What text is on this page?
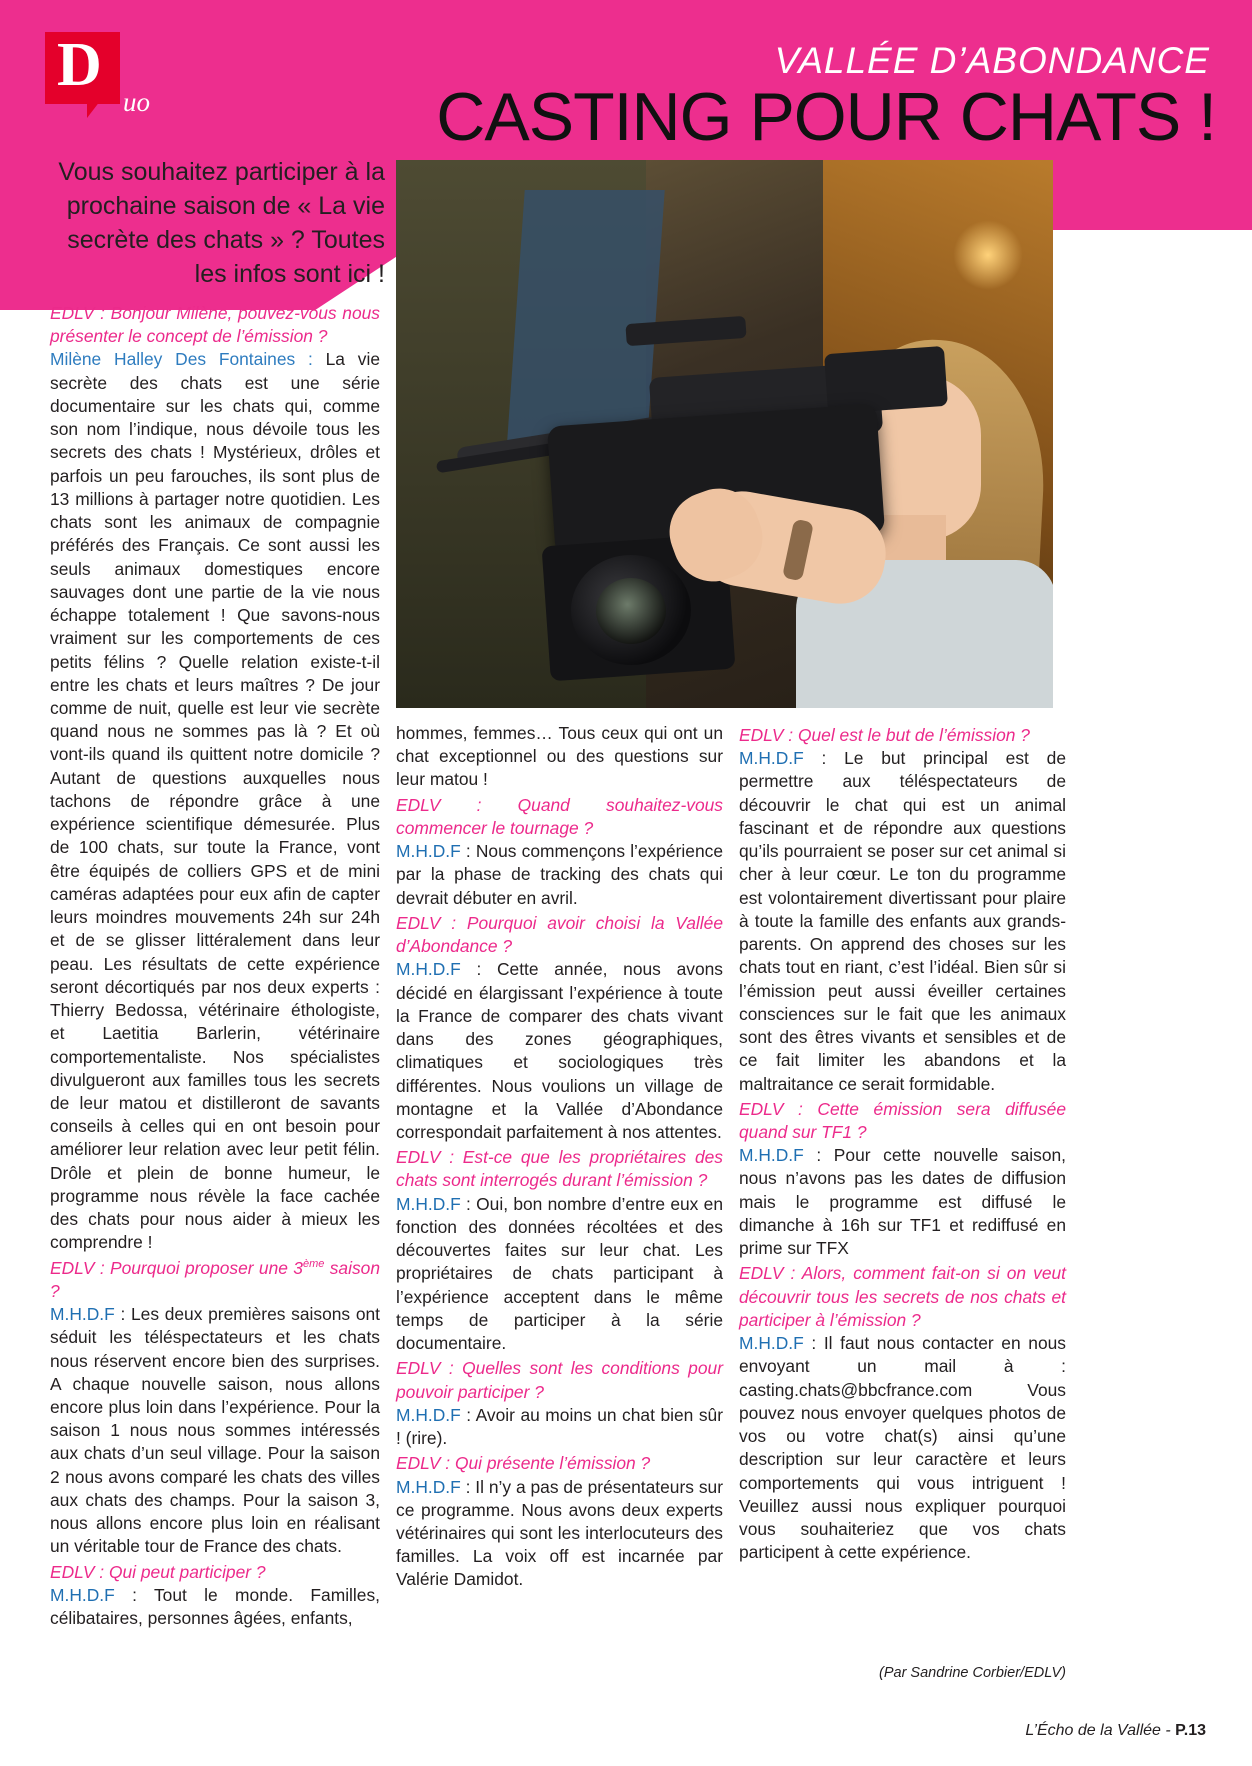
D
uo
VALLÉE D’ABONDANCE
CASTING POUR CHATS !
Vous souhaitez participer à la prochaine saison de « La vie secrète des chats » ? Toutes les infos sont ici !

EDLV : Bonjour Milène, pouvez-vous nous présenter le concept de l’émission ?

Milène Halley Des Fontaines : La vie secrète des chats est une série documentaire sur les chats qui, comme son nom l’indique, nous dévoile tous les secrets des chats ! Mystérieux, drôles et parfois un peu farouches, ils sont plus de 13 millions à partager notre quotidien. Les chats sont les animaux de compagnie préférés des Français. Ce sont aussi les seuls animaux domestiques encore sauvages dont une partie de la vie nous échappe totalement ! Que savons-nous vraiment sur les comportements de ces petits félins ? Quelle relation existe-t-il entre les chats et leurs maîtres ? De jour comme de nuit, quelle est leur vie secrète quand nous ne sommes pas là ? Et où vont-ils quand ils quittent notre domicile ? Autant de questions auxquelles nous tachons de répondre grâce à une expérience scientifique démesurée. Plus de 100 chats, sur toute la France, vont être équipés de colliers GPS et de mini caméras adaptées pour eux afin de capter leurs moindres mouvements 24h sur 24h et de se glisser littéralement dans leur peau. Les résultats de cette expérience seront décortiqués par nos deux experts : Thierry Bedossa, vétérinaire éthologiste, et Laetitia Barlerin, vétérinaire comportementaliste. Nos spécialistes divulgueront aux familles tous les secrets de leur matou et distilleront de savants conseils à celles qui en ont besoin pour améliorer leur relation avec leur petit félin. Drôle et plein de bonne humeur, le programme nous révèle la face cachée des chats pour nous aider à mieux les comprendre !

EDLV : Pourquoi proposer une 3ème saison ?

M.H.D.F : Les deux premières saisons ont séduit les téléspectateurs et les chats nous réservent encore bien des surprises. A chaque nouvelle saison, nous allons encore plus loin dans l’expérience. Pour la saison 1 nous nous sommes intéressés aux chats d’un seul village. Pour la saison 2 nous avons comparé les chats des villes aux chats des champs. Pour la saison 3, nous allons encore plus loin en réalisant un véritable tour de France des chats.

EDLV : Qui peut participer ?

M.H.D.F : Tout le monde. Familles, célibataires, personnes âgées, enfants,

hommes, femmes… Tous ceux qui ont un chat exceptionnel ou des questions sur leur matou !

EDLV : Quand souhaitez-vous commencer le tournage ?

M.H.D.F : Nous commençons l’expérience par la phase de tracking des chats qui devrait débuter en avril.

EDLV : Pourquoi avoir choisi la Vallée d’Abondance ?

M.H.D.F : Cette année, nous avons décidé en élargissant l’expérience à toute la France de comparer des chats vivant dans des zones géographiques, climatiques et sociologiques très différentes. Nous voulions un village de montagne et la Vallée d’Abondance correspondait parfaitement à nos attentes.

EDLV : Est-ce que les propriétaires des chats sont interrogés durant l’émission ?

M.H.D.F : Oui, bon nombre d’entre eux en fonction des données récoltées et des découvertes faites sur leur chat. Les propriétaires de chats participant à l’expérience acceptent dans le même temps de participer à la série documentaire.

EDLV : Quelles sont les conditions pour pouvoir participer ?

M.H.D.F : Avoir au moins un chat bien sûr ! (rire).

EDLV : Qui présente l’émission ?

M.H.D.F : Il n’y a pas de présentateurs sur ce programme. Nous avons deux experts vétérinaires qui sont les interlocuteurs des familles. La voix off est incarnée par Valérie Damidot.

EDLV : Quel est le but de l’émission ?

M.H.D.F : Le but principal est de permettre aux téléspectateurs de découvrir le chat qui est un animal fascinant et de répondre aux questions qu’ils pourraient se poser sur cet animal si cher à leur cœur. Le ton du programme est volontairement divertissant pour plaire à toute la famille des enfants aux grands-parents. On apprend des choses sur les chats tout en riant, c’est l’idéal. Bien sûr si l’émission peut aussi éveiller certaines consciences sur le fait que les animaux sont des êtres vivants et sensibles et de ce fait limiter les abandons et la maltraitance ce serait formidable.

EDLV : Cette émission sera diffusée quand sur TF1 ?

M.H.D.F : Pour cette nouvelle saison, nous n’avons pas les dates de diffusion mais le programme est diffusé le dimanche à 16h sur TF1 et rediffusé en prime sur TFX

EDLV : Alors, comment fait-on si on veut découvrir tous les secrets de nos chats et participer à l’émission ?

M.H.D.F : Il faut nous contacter en nous envoyant un mail à : casting.chats@bbcfrance.com Vous pouvez nous envoyer quelques photos de vos ou votre chat(s) ainsi qu’une description sur leur caractère et leurs comportements qui vous intriguent ! Veuillez aussi nous expliquer pourquoi vous souhaiteriez que vos chats participent à cette expérience.

(Par Sandrine Corbier/EDLV)
L’Écho de la Vallée - P.13
